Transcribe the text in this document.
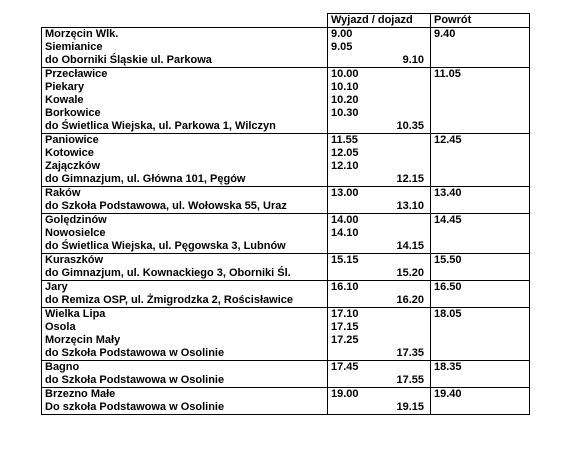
	Wyjazd / dojazd	Powrót

Morzęcin Wlk.
Siemianice
do Oborniki Śląskie ul. Parkowa	9.00
9.05
9.10	9.40

Przecławice
Piekary
Kowale
Borkowice
do Świetlica Wiejska, ul. Parkowa 1, Wilczyn	10.00
10.10
10.20
10.30
10.35	11.05

Paniowice
Kotowice
Zajączków
do Gimnazjum, ul. Główna 101, Pęgów	11.55
12.05
12.10
12.15	12.45

Raków
do Szkoła Podstawowa, ul. Wołowska 55, Uraz	13.00
13.10	13.40

Golędzinów
Nowosielce
do Świetlica Wiejska, ul. Pęgowska 3, Lubnów	14.00
14.10
14.15	14.45

Kuraszków
do Gimnazjum, ul. Kownackiego 3, Oborniki Śl.	15.15
15.20	15.50

Jary
do Remiza OSP, ul. Żmigrodzka 2, Rościsławice	16.10
16.20	16.50

Wielka Lipa
Osola
Morzęcin Mały
do Szkoła Podstawowa w Osolinie	17.10
17.15
17.25
17.35	18.05

Bagno
do Szkoła Podstawowa w Osolinie	17.45
17.55	18.35

Brzezno Małe
Do szkoła Podstawowa w Osolinie	19.00
19.15	19.40
